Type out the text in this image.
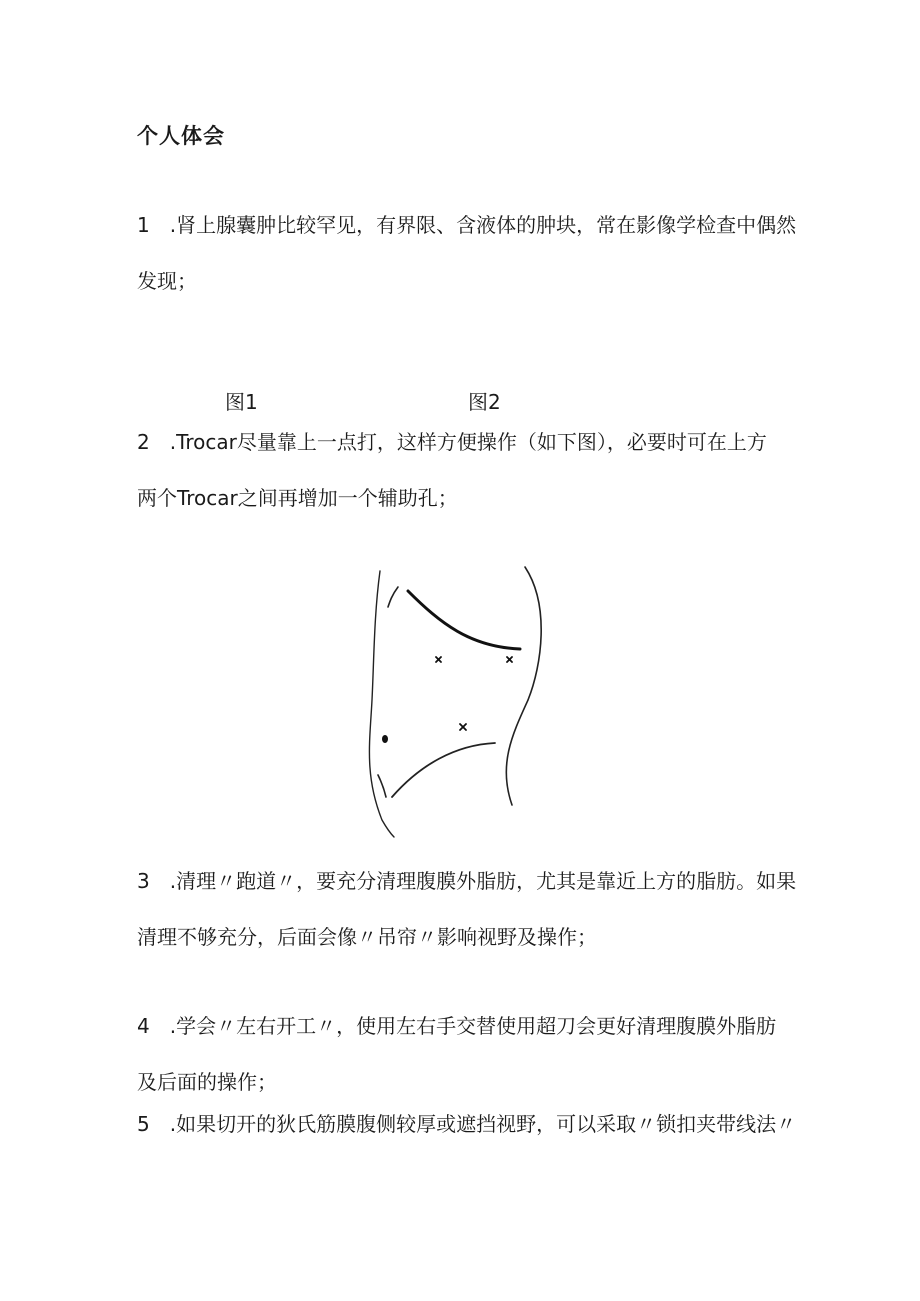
个人体会
1　.肾上腺囊肿比较罕见，有界限、含液体的肿块，常在影像学检查中偶然
发现；
图1	图2
2　.Trocar尽量靠上一点打，这样方便操作（如下图），必要时可在上方
两个Trocar之间再增加一个辅助孔；
3　.清理〃跑道〃，要充分清理腹膜外脂肪，尤其是靠近上方的脂肪。如果
清理不够充分，后面会像〃吊帘〃影响视野及操作；
4　.学会〃左右开工〃，使用左右手交替使用超刀会更好清理腹膜外脂肪
及后面的操作；
5　.如果切开的狄氏筋膜腹侧较厚或遮挡视野，可以采取〃锁扣夹带线法〃
